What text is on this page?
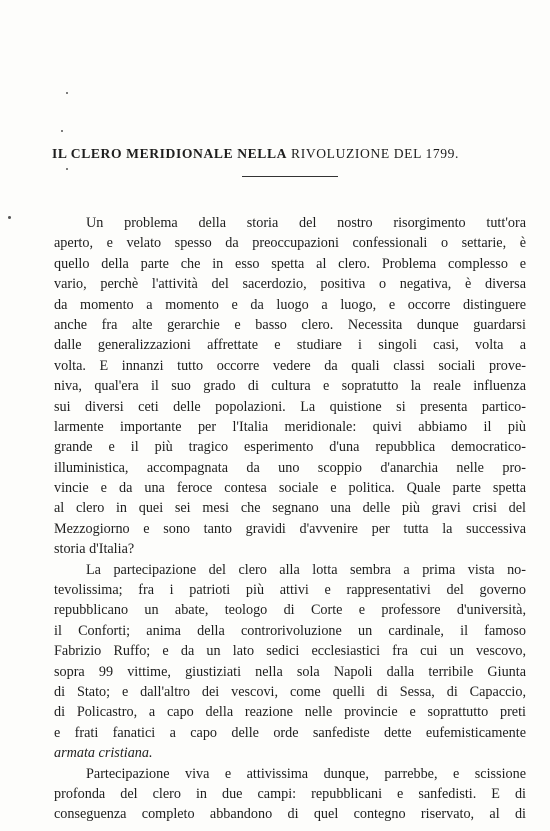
IL CLERO MERIDIONALE NELLA RIVOLUZIONE DEL 1799.
Un problema della storia del nostro risorgimento tutt'ora
aperto, e velato spesso da preoccupazioni confessionali o settarie, è
quello della parte che in esso spetta al clero. Problema complesso e
vario, perchè l'attività del sacerdozio, positiva o negativa, è diversa
da momento a momento e da luogo a luogo, e occorre distinguere
anche fra alte gerarchie e basso clero. Necessita dunque guardarsi
dalle generalizzazioni affrettate e studiare i singoli casi, volta a
volta. E innanzi tutto occorre vedere da quali classi sociali prove-
niva, qual'era il suo grado di cultura e sopratutto la reale influenza
sui diversi ceti delle popolazioni. La quistione si presenta partico-
larmente importante per l'Italia meridionale: quivi abbiamo il più
grande e il più tragico esperimento d'una repubblica democratico-
illuministica, accompagnata da uno scoppio d'anarchia nelle pro-
vincie e da una feroce contesa sociale e politica. Quale parte spetta
al clero in quei sei mesi che segnano una delle più gravi crisi del
Mezzogiorno e sono tanto gravidi d'avvenire per tutta la successiva
storia d'Italia?
La partecipazione del clero alla lotta sembra a prima vista no-
tevolissima; fra i patrioti più attivi e rappresentativi del governo
repubblicano un abate, teologo di Corte e professore d'università,
il Conforti; anima della controrivoluzione un cardinale, il famoso
Fabrizio Ruffo; e da un lato sedici ecclesiastici fra cui un vescovo,
sopra 99 vittime, giustiziati nella sola Napoli dalla terribile Giunta
di Stato; e dall'altro dei vescovi, come quelli di Sessa, di Capaccio,
di Policastro, a capo della reazione nelle provincie e soprattutto preti
e frati fanatici a capo delle orde sanfediste dette eufemisticamente
armata cristiana.
Partecipazione viva e attivissima dunque, parrebbe, e scissione
profonda del clero in due campi: repubblicani e sanfedisti. E di
conseguenza completo abbandono di quel contegno riservato, al di
